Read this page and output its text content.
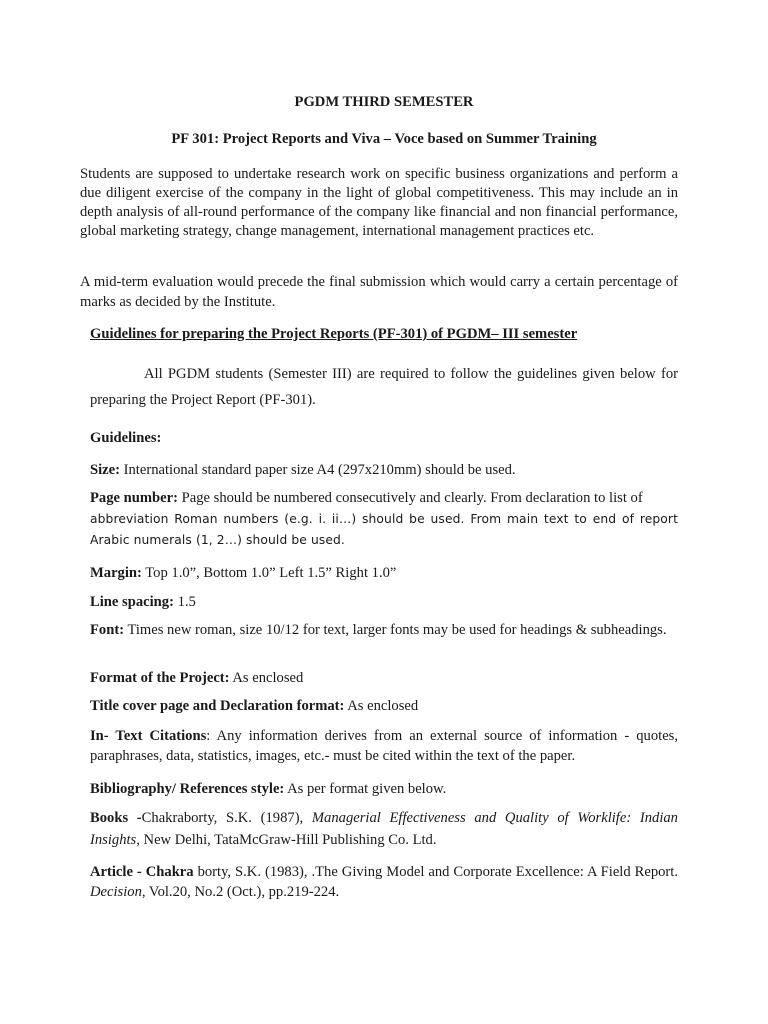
PGDM THIRD SEMESTER

PF 301: Project Reports and Viva – Voce based on Summer Training

Students are supposed to undertake research work on specific business organizations and perform a due diligent exercise of the company in the light of global competitiveness. This may include an in depth analysis of all-round performance of the company like financial and non financial performance, global marketing strategy, change management, international management practices etc.

A mid-term evaluation would precede the final submission which would carry a certain percentage of marks as decided by the Institute.

Guidelines for preparing the Project Reports (PF-301) of PGDM– III semester

All PGDM students (Semester III) are required to follow the guidelines given below for preparing the Project Report (PF-301).

Guidelines:

Size: International standard paper size A4 (297x210mm) should be used.

Page number: Page should be numbered consecutively and clearly. From declaration to list of
abbreviation Roman numbers (e.g. i. ii…) should be used. From main text to end of report Arabic numerals (1, 2…) should be used.

Margin: Top 1.0”, Bottom 1.0” Left 1.5” Right 1.0”

Line spacing: 1.5

Font: Times new roman, size 10/12 for text, larger fonts may be used for headings & subheadings.

Format of the Project: As enclosed

Title cover page and Declaration format: As enclosed

In- Text Citations: Any information derives from an external source of information - quotes, paraphrases, data, statistics, images, etc.- must be cited within the text of the paper.

Bibliography/ References style: As per format given below.

Books -Chakraborty, S.K. (1987), Managerial Effectiveness and Quality of Worklife: Indian Insights, New Delhi, TataMcGraw-Hill Publishing Co. Ltd.

Article - Chakra borty, S.K. (1983), .The Giving Model and Corporate Excellence: A Field Report. Decision, Vol.20, No.2 (Oct.), pp.219-224.
